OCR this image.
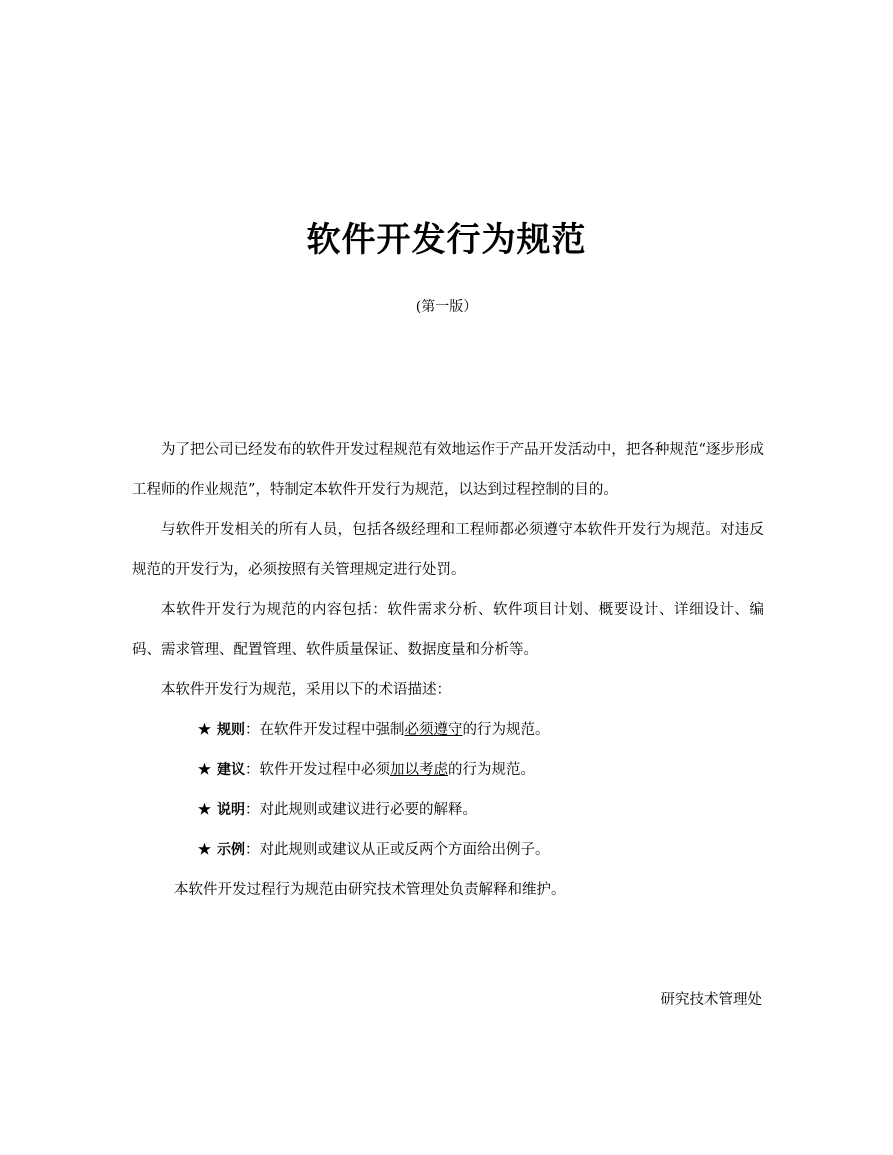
软件开发行为规范
(第一版）

为了把公司已经发布的软件开发过程规范有效地运作于产品开发活动中，把各种规范“逐步形成工程师的作业规范”，特制定本软件开发行为规范，以达到过程控制的目的。

与软件开发相关的所有人员，包括各级经理和工程师都必须遵守本软件开发行为规范。对违反规范的开发行为，必须按照有关管理规定进行处罚。

本软件开发行为规范的内容包括：软件需求分析、软件项目计划、概要设计、详细设计、编码、需求管理、配置管理、软件质量保证、数据度量和分析等。

本软件开发行为规范，采用以下的术语描述：

★ 规则：在软件开发过程中强制必须遵守的行为规范。

★ 建议：软件开发过程中必须加以考虑的行为规范。

★ 说明：对此规则或建议进行必要的解释。

★ 示例：对此规则或建议从正或反两个方面给出例子。

本软件开发过程行为规范由研究技术管理处负责解释和维护。

研究技术管理处
